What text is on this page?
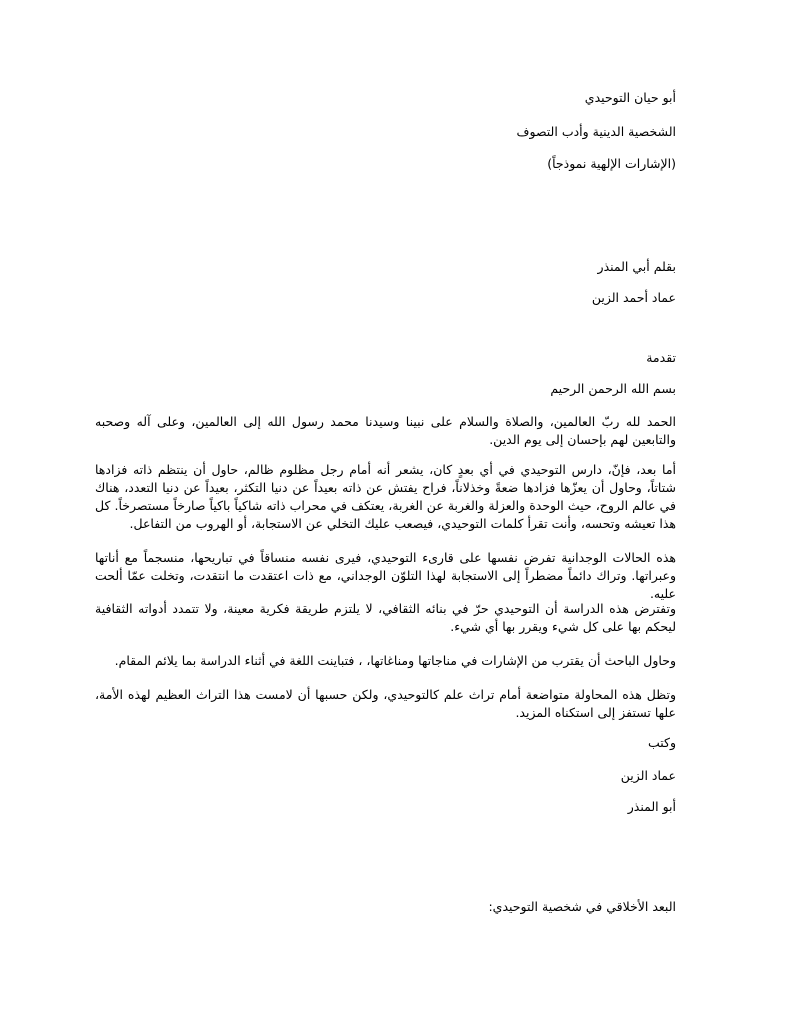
أبو حيان التوحيدي
الشخصية الدينية وأدب التصوف
(الإشارات الإلهية نموذجاً)
بقلم أبي المنذر
عماد أحمد الزين
تقدمة
بسم الله الرحمن الرحيم
الحمد لله ربّ العالمين، والصلاة والسلام على نبينا وسيدنا محمد رسول الله إلى العالمين، وعلى آله وصحبه والتابعين لهم بإحسان إلى يوم الدين.
أما بعد، فإنّ، دارس التوحيدي في أي بعدٍ كان، يشعر أنه أمام رجل مظلوم ظالم، حاول أن ينتظم ذاته فزادها شتاتاً، وحاول أن يعزّها فزادها ضعةً وخذلاناً، فراح يفتش عن ذاته بعيداً عن دنيا التكثر، بعيداً عن دنيا التعدد، هناك في عالم الروح، حيث الوحدة والعزلة والغربة عن الغربة، يعتكف في محراب ذاته شاكياً باكياً صارخاً مستصرخاً. كل هذا تعيشه وتحسه، وأنت تقرأ كلمات التوحيدي، فيصعب عليك التخلي عن الاستجابة، أو الهروب من التفاعل.
هذه الحالات الوجدانية تفرض نفسها على قارىء التوحيدي، فيرى نفسه منساقاً في تباريحها، منسجماً مع أناتها وعبراتها. وتراك دائماً مضطراً إلى الاستجابة لهذا التلوّن الوجداني، مع ذات اعتقدت ما انتقدت، وتخلت عمّا ألحت عليه.
وتفترض هذه الدراسة أن التوحيدي حرّ في بنائه الثقافي، لا يلتزم طريقة فكرية معينة، ولا تتمدد أدواته الثقافية ليحكم بها على كل شيء ويقرر بها أي شيء.
وحاول الباحث أن يقترب من الإشارات في مناجاتها ومناغاتها، ، فتباينت اللغة في أثناء الدراسة بما يلائم المقام.
وتظل هذه المحاولة متواضعة أمام تراث علم كالتوحيدي، ولكن حسبها أن لامست هذا التراث العظيم لهذه الأمة، علها تستفز إلى استكناه المزيد.
وكتب
عماد الزين
أبو المنذر
البعد الأخلاقي في شخصية التوحيدي:
